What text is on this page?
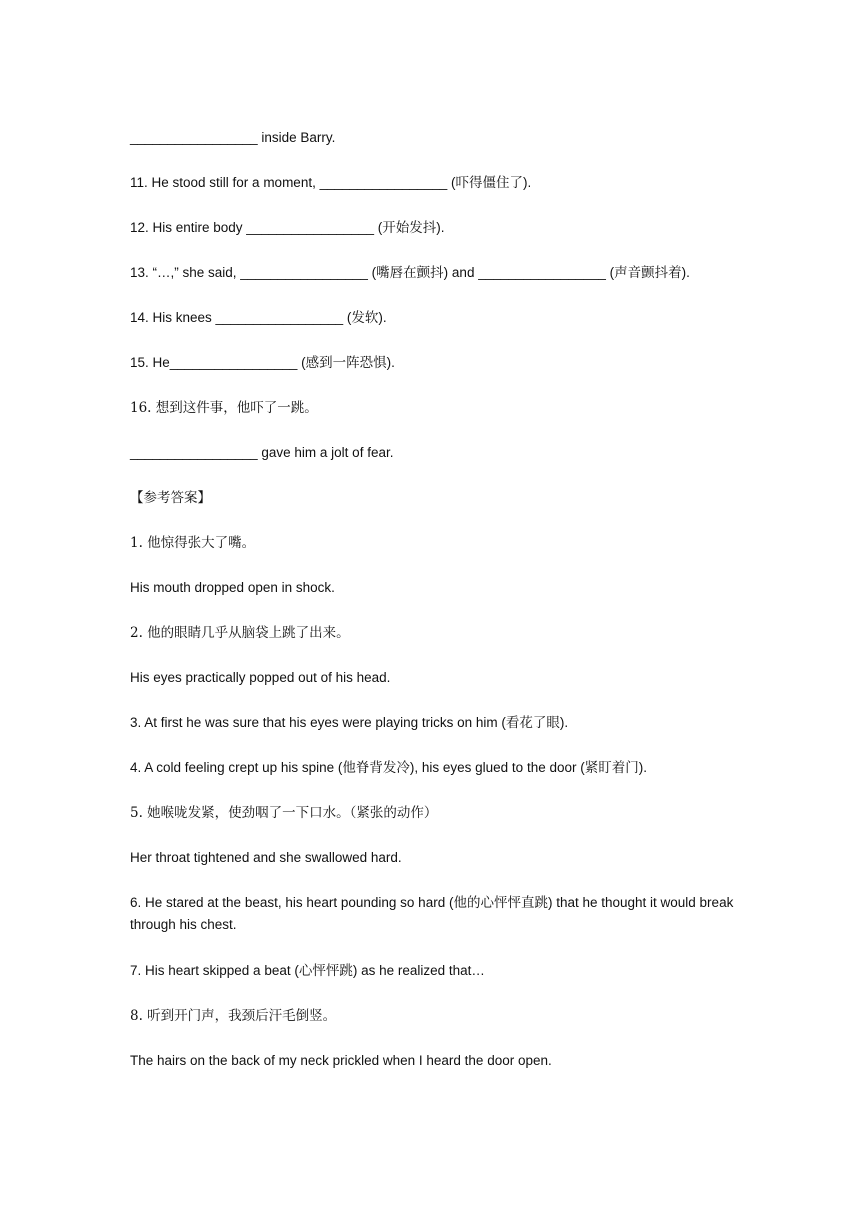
_________________ inside Barry.
11. He stood still for a moment, _________________ (吓得僵住了).
12. His entire body _________________ (开始发抖).
13. “…,” she said, _________________ (嘴唇在颤抖) and _________________ (声音颤抖着).
14. His knees _________________ (发软).
15. He_________________ (感到一阵恐惧).
16. 想到这件事，他吓了一跳。
_________________ gave him a jolt of fear.
【参考答案】
1. 他惊得张大了嘴。
His mouth dropped open in shock.
2. 他的眼睛几乎从脑袋上跳了出来。
His eyes practically popped out of his head.
3. At first he was sure that his eyes were playing tricks on him (看花了眼).
4. A cold feeling crept up his spine (他脊背发冷), his eyes glued to the door (紧盯着门).
5. 她喉咙发紧，使劲咽了一下口水。（紧张的动作）
Her throat tightened and she swallowed hard.
6. He stared at the beast, his heart pounding so hard (他的心怦怦直跳) that he thought it would break through his chest.
7. His heart skipped a beat (心怦怦跳) as he realized that…
8. 听到开门声，我颈后汗毛倒竖。
The hairs on the back of my neck prickled when I heard the door open.
